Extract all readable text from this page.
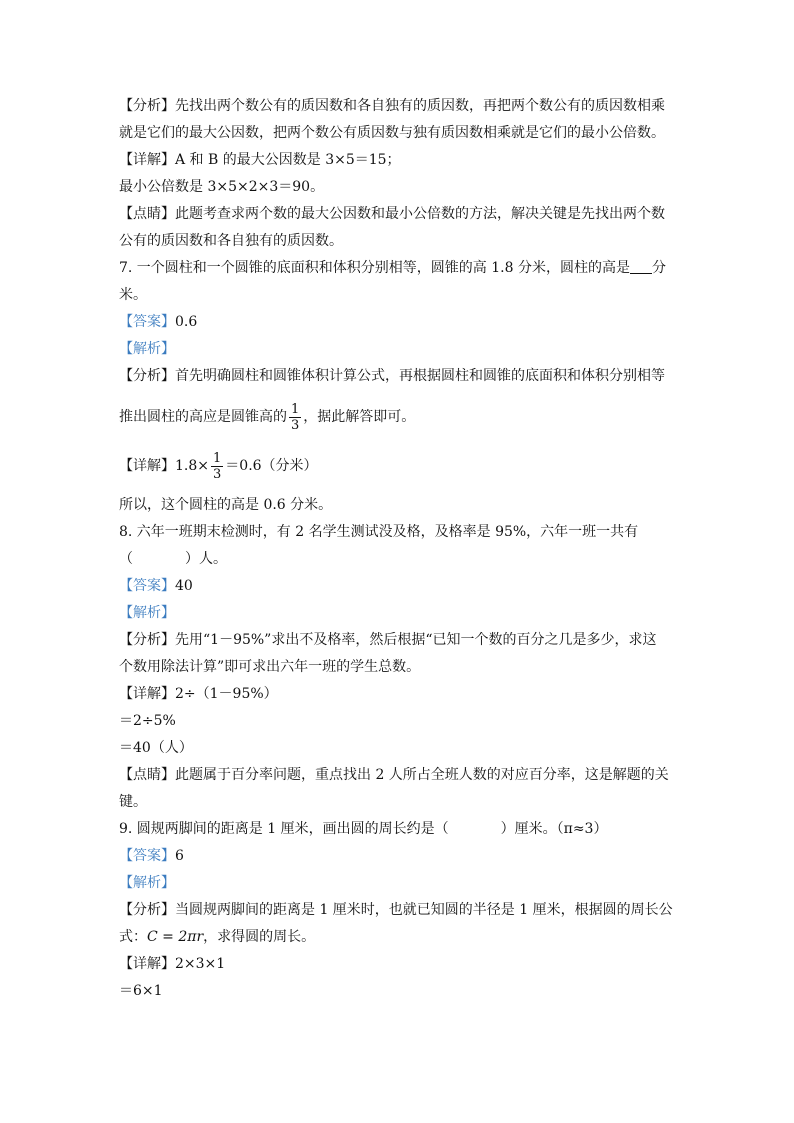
【分析】先找出两个数公有的质因数和各自独有的质因数，再把两个数公有的质因数相乘
就是它们的最大公因数，把两个数公有质因数与独有质因数相乘就是它们的最小公倍数。
【详解】A 和 B 的最大公因数是 3×5＝15；
最小公倍数是 3×5×2×3＝90。
【点睛】此题考查求两个数的最大公因数和最小公倍数的方法，解决关键是先找出两个数
公有的质因数和各自独有的质因数。
7. 一个圆柱和一个圆锥的底面积和体积分别相等，圆锥的高 1.8 分米，圆柱的高是 分
米。
【答案】0.6
【解析】
【分析】首先明确圆柱和圆锥体积计算公式，再根据圆柱和圆锥的底面积和体积分别相等
推出圆柱的高应是圆锥高的 $\frac{1}{3}$ ，据此解答即可。
【详解】$1.8\times \frac{1}{3} =0.6$（分米）
所以，这个圆柱的高是 0.6 分米。
8. 六年一班期末检测时，有 2 名学生测试没及格，及格率是 95%，六年一班一共有
（	）人。
【答案】40
【解析】
【分析】先用“1－95%”求出不及格率，然后根据“已知一个数的百分之几是多少，求这
个数用除法计算”即可求出六年一班的学生总数。
【详解】2÷（1－95%）
＝2÷5%
＝40（人）
【点睛】此题属于百分率问题，重点找出 2 人所占全班人数的对应百分率，这是解题的关
键。
9. 圆规两脚间的距离是 1 厘米，画出圆的周长约是（	）厘米。（π≈3）
【答案】6
【解析】
【分析】当圆规两脚间的距离是 1 厘米时，也就已知圆的半径是 1 厘米，根据圆的周长公
式：C = 2πr，求得圆的周长。
【详解】2×3×1
＝6×1
